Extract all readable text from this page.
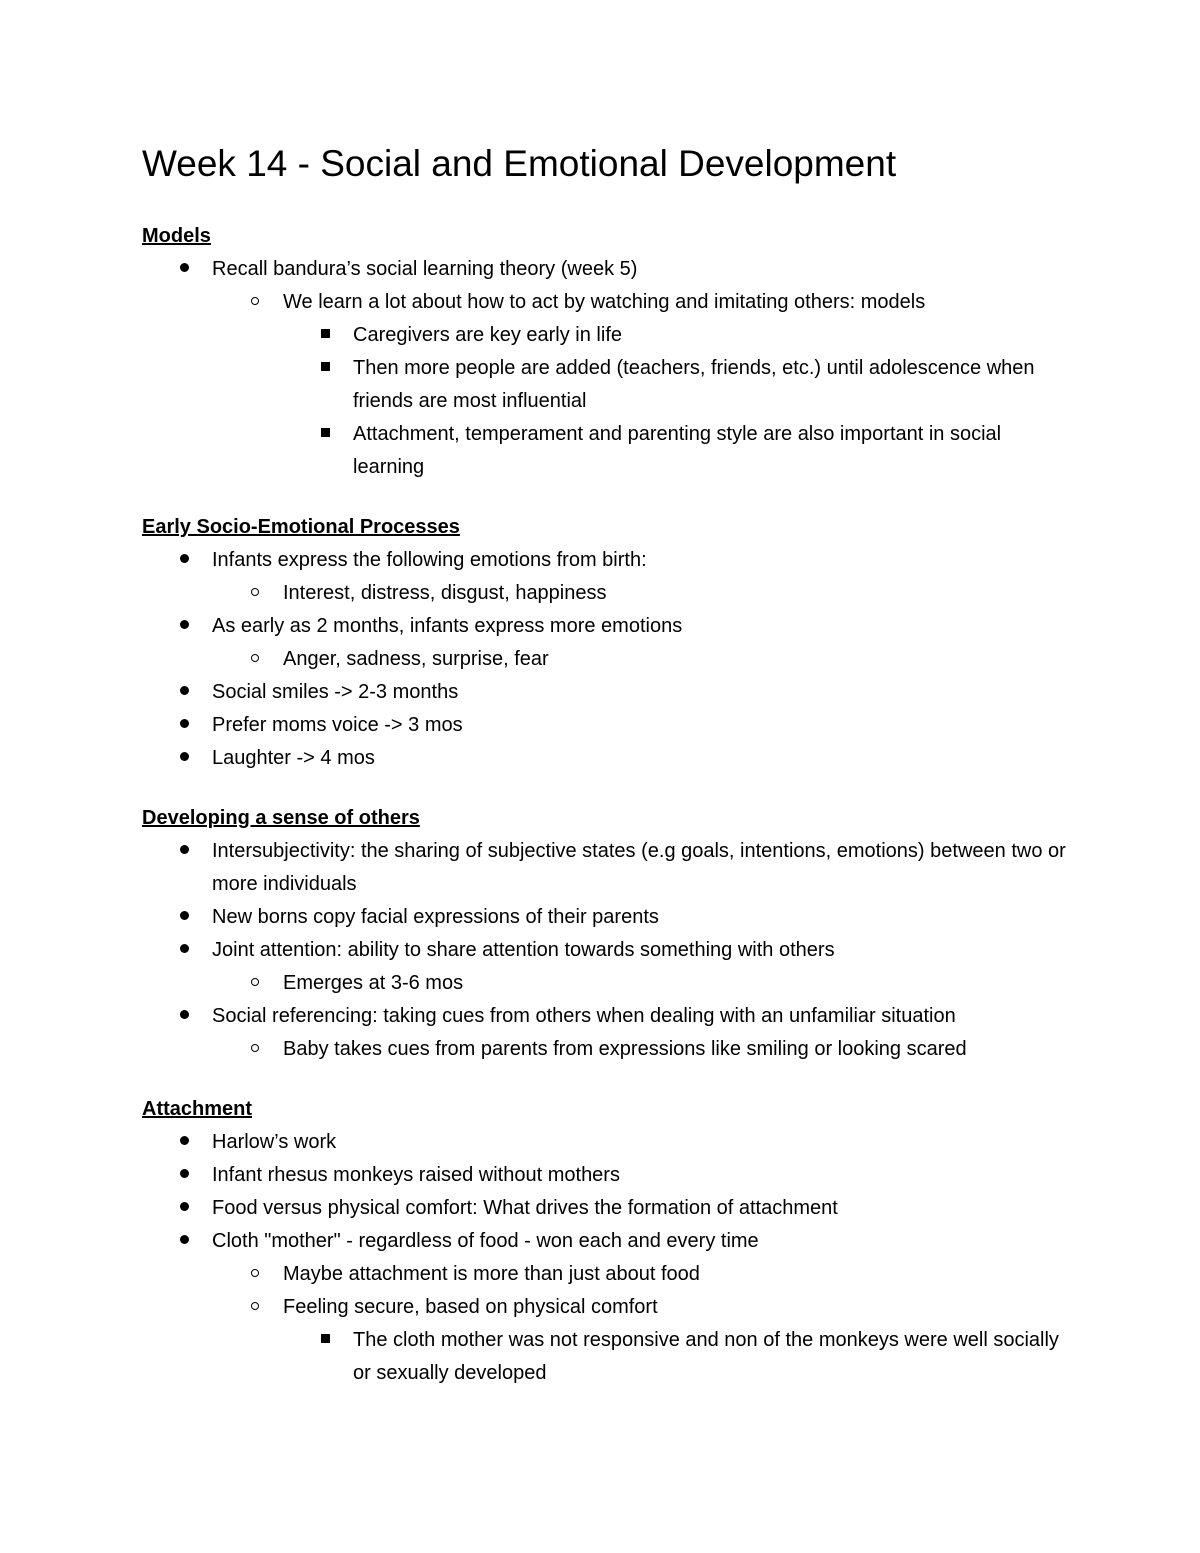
Week 14 - Social and Emotional Development
Models
Recall bandura’s social learning theory (week 5)
We learn a lot about how to act by watching and imitating others: models
Caregivers are key early in life
Then more people are added (teachers, friends, etc.) until adolescence when friends are most influential
Attachment, temperament and parenting style are also important in social learning
Early Socio-Emotional Processes
Infants express the following emotions from birth:
Interest, distress, disgust, happiness
As early as 2 months, infants express more emotions
Anger, sadness, surprise, fear
Social smiles -> 2-3 months
Prefer moms voice -> 3 mos
Laughter -> 4 mos
Developing a sense of others
Intersubjectivity: the sharing of subjective states (e.g goals, intentions, emotions) between two or more individuals
New borns copy facial expressions of their parents
Joint attention: ability to share attention towards something with others
Emerges at 3-6 mos
Social referencing: taking cues from others when dealing with an unfamiliar situation
Baby takes cues from parents from expressions like smiling or looking scared
Attachment
Harlow’s work
Infant rhesus monkeys raised without mothers
Food versus physical comfort: What drives the formation of attachment
Cloth "mother" - regardless of food - won each and every time
Maybe attachment is more than just about food
Feeling secure, based on physical comfort
The cloth mother was not responsive and non of the monkeys were well socially or sexually developed
